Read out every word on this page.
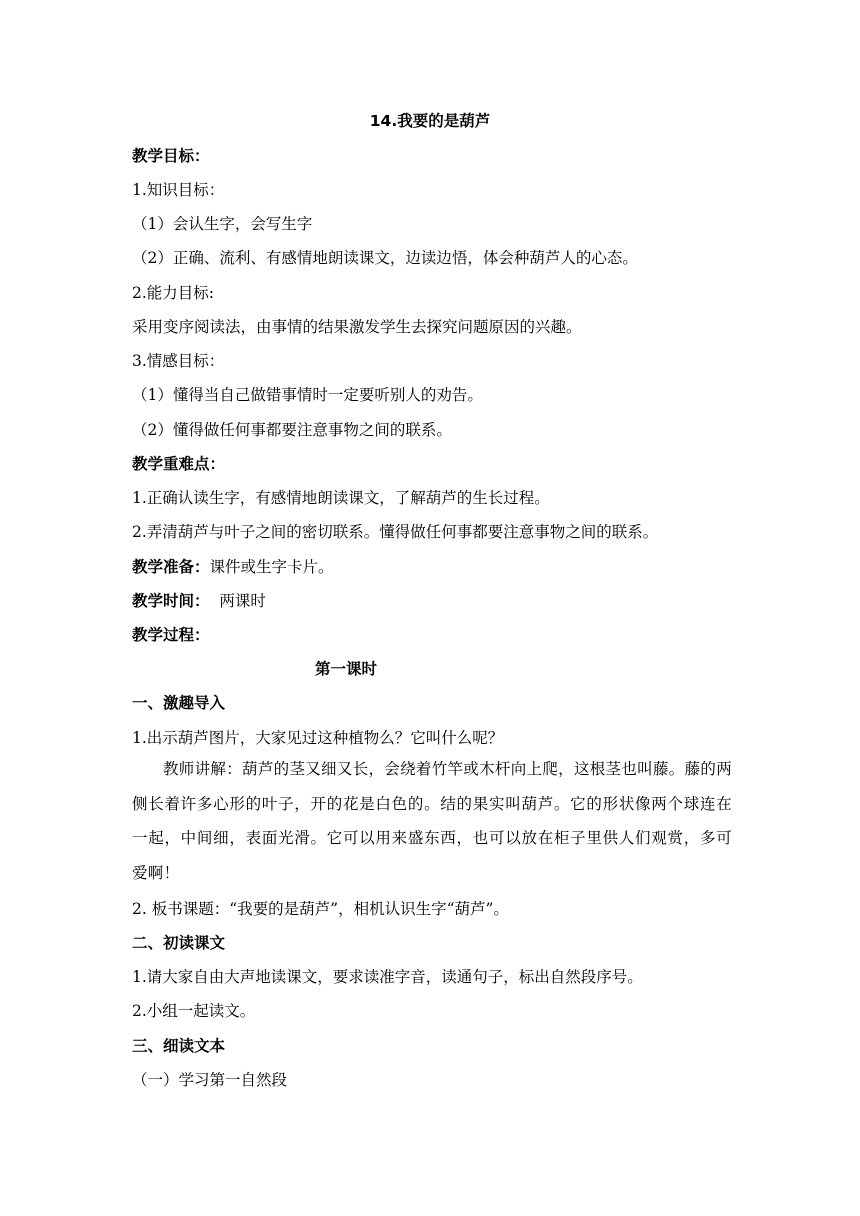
14.我要的是葫芦
教学目标：
1.知识目标：
（1）会认生字，会写生字
（2）正确、流利、有感情地朗读课文，边读边悟，体会种葫芦人的心态。
2.能力目标:
采用变序阅读法，由事情的结果激发学生去探究问题原因的兴趣。
3.情感目标：
（1）懂得当自己做错事情时一定要听别人的劝告。
（2）懂得做任何事都要注意事物之间的联系。
教学重难点：
1.正确认读生字，有感情地朗读课文，了解葫芦的生长过程。
2.弄清葫芦与叶子之间的密切联系。懂得做任何事都要注意事物之间的联系。
教学准备：课件或生字卡片。
教学时间：  两课时
教学过程：
第一课时
一、激趣导入
1.出示葫芦图片，大家见过这种植物么？它叫什么呢？
教师讲解：葫芦的茎又细又长，会绕着竹竿或木杆向上爬，这根茎也叫藤。藤的两侧长着许多心形的叶子，开的花是白色的。结的果实叫葫芦。它的形状像两个球连在一起，中间细，表面光滑。它可以用来盛东西，也可以放在柜子里供人们观赏，多可爱啊！
2. 板书课题：“我要的是葫芦”，相机认识生字“葫芦”。
二、初读课文
1.请大家自由大声地读课文，要求读准字音，读通句子，标出自然段序号。
2.小组一起读文。
三、细读文本
（一）学习第一自然段
